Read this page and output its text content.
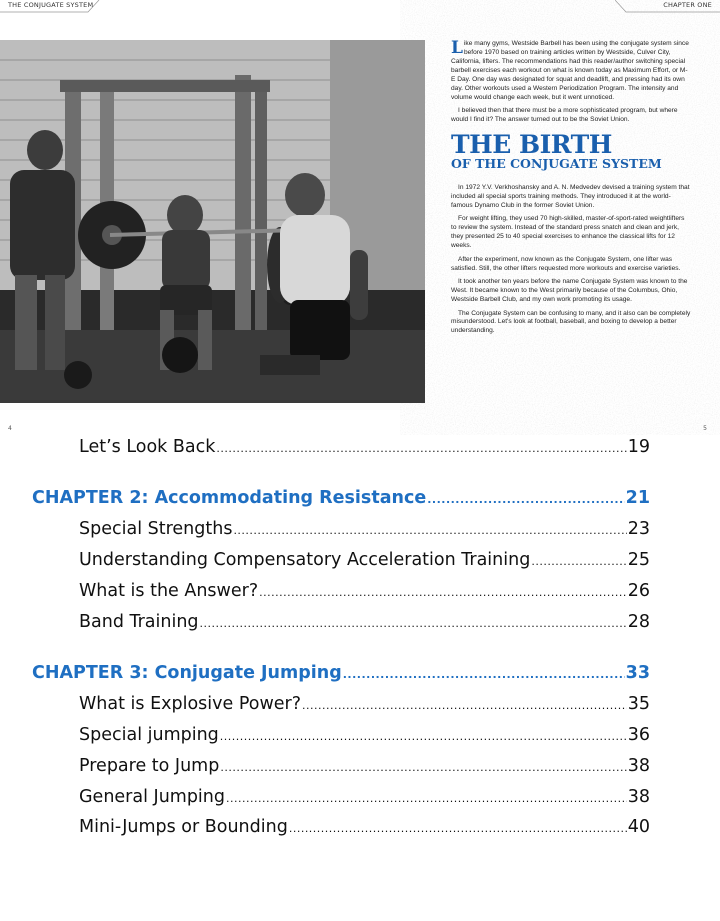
THE CONJUGATE SYSTEM	CHAPTER ONE

Like many gyms, Westside Barbell has been using the conjugate system since before 1970 based on training articles written by Westside, Culver City, California, lifters. The recommendations had this reader/author switching special barbell exercises each workout on what is known today as Maximum Effort, or M-E Day. One day was designated for squat and deadlift, and pressing had its own day. Other workouts used a Western Periodization Program. The intensity and volume would change each week, but it went unnoticed.

I believed then that there must be a more sophisticated program, but where would I find it? The answer turned out to be the Soviet Union.

THE BIRTH
OF THE CONJUGATE SYSTEM

In 1972 Y.V. Verkhoshansky and A. N. Medvedev devised a training system that included all special sports training methods. They introduced it at the world-famous Dynamo Club in the former Soviet Union.

For weight lifting, they used 70 high-skilled, master-of-sport-rated weightlifters to review the system. Instead of the standard press snatch and clean and jerk, they presented 25 to 40 special exercises to enhance the classical lifts for 12 weeks.

After the experiment, now known as the Conjugate System, one lifter was satisfied. Still, the other lifters requested more workouts and exercise varieties.

It took another ten years before the name Conjugate System was known to the West. It became known to the West primarily because of the Columbus, Ohio, Westside Barbell Club, and my own work promoting its usage.

The Conjugate System can be confusing to many, and it also can be completely misunderstood. Let's look at football, baseball, and boxing to develop a better understanding.

4	5
Let’s Look Back .....	19
CHAPTER 2: Accommodating Resistance .....	21
Special Strengths .....	23
Understanding Compensatory Acceleration Training .....	25
What is the Answer? .....	26
Band Training .....	28
CHAPTER 3: Conjugate Jumping .....	33
What is Explosive Power? .....	35
Special jumping .....	36
Prepare to Jump .....	38
General Jumping .....	38
Mini-Jumps or Bounding .....	40
